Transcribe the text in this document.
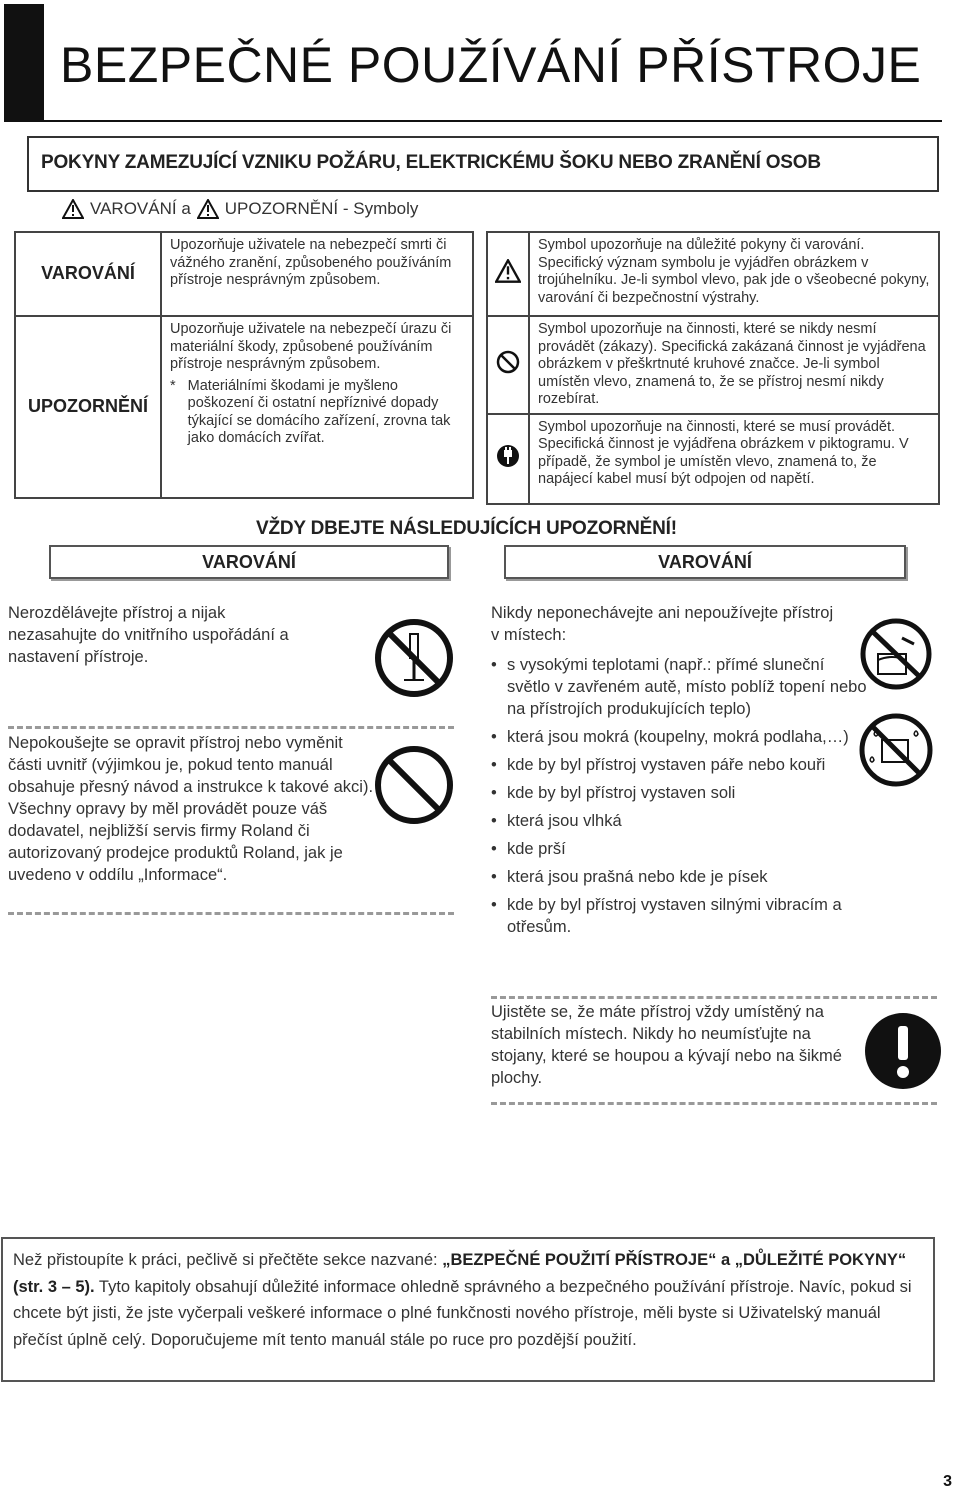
BEZPEČNÉ POUŽÍVÁNÍ PŘÍSTROJE
POKYNY ZAMEZUJÍCÍ VZNIKU POŽÁRU, ELEKTRICKÉMU ŠOKU NEBO ZRANĚNÍ OSOB
VAROVÁNÍ a UPOZORNĚNÍ - Symboly
VAROVÁNÍ	Upozorňuje uživatele na nebezpečí smrti či vážného zranění, způsobeného používáním přístroje nesprávným způsobem.
UPOZORNĚNÍ	Upozorňuje uživatele na nebezpečí úrazu či materiální škody, způsobené používáním přístroje nesprávným způsobem.
* Materiálními škodami je myšleno poškození či ostatní nepříznivé dopady týkající se domácího zařízení, zrovna tak jako domácích zvířat.
	Symbol upozorňuje na důležité pokyny či varování. Specifický význam symbolu je vyjádřen obrázkem v trojúhelníku. Je-li symbol vlevo, pak jde o všeobecné pokyny, varování či bezpečnostní výstrahy.
	Symbol upozorňuje na činnosti, které se nikdy nesmí provádět (zákazy). Specifická zakázaná činnost je vyjádřena obrázkem v přeškrtnuté kruhové značce. Je-li symbol umístěn vlevo, znamená to, že se přístroj nesmí nikdy rozebírat.
	Symbol upozorňuje na činnosti, které se musí provádět. Specifická činnost je vyjádřena obrázkem v piktogramu. V případě, že symbol je umístěn vlevo, znamená to, že napájecí kabel musí být odpojen od napětí.
VŽDY DBEJTE NÁSLEDUJÍCÍCH UPOZORNĚNÍ!
VAROVÁNÍ	VAROVÁNÍ
Nerozdělávejte přístroj a nijak nezasahujte do vnitřního uspořádání a nastavení přístroje.
Nepokoušejte se opravit přístroj nebo vyměnit části uvnitř (výjimkou je, pokud tento manuál obsahuje přesný návod a instrukce k takové akci). Všechny opravy by měl provádět pouze váš dodavatel, nejbližší servis firmy Roland či autorizovaný prodejce produktů Roland, jak je uvedeno v oddílu „Informace“.
Nikdy neponechávejte ani nepoužívejte přístroj v místech:
• s vysokými teplotami (např.: přímé sluneční světlo v zavřeném autě, místo poblíž topení nebo na přístrojích produkujících teplo)
• která jsou mokrá (koupelny, mokrá podlaha,…)
• kde by byl přístroj vystaven páře nebo kouři
• kde by byl přístroj vystaven soli
• která jsou vlhká
• kde prší
• která jsou prašná nebo kde je písek
• kde by byl přístroj vystaven silnými vibracím a otřesům.
Ujistěte se, že máte přístroj vždy umístěný na stabilních místech. Nikdy ho neumísťujte na stojany, které se houpou a kývají nebo na šikmé plochy.
Než přistoupíte k práci, pečlivě si přečtěte sekce nazvané: „BEZPEČNÉ POUŽITÍ PŘÍSTROJE“ a „DŮLEŽITÉ POKYNY“ (str. 3 – 5). Tyto kapitoly obsahují důležité informace ohledně správného a bezpečného používání přístroje. Navíc, pokud si chcete být jisti, že jste vyčerpali veškeré informace o plné funkčnosti nového přístroje, měli byste si Uživatelský manuál přečíst úplně celý. Doporučujeme mít tento manuál stále po ruce pro pozdější použití.
3
